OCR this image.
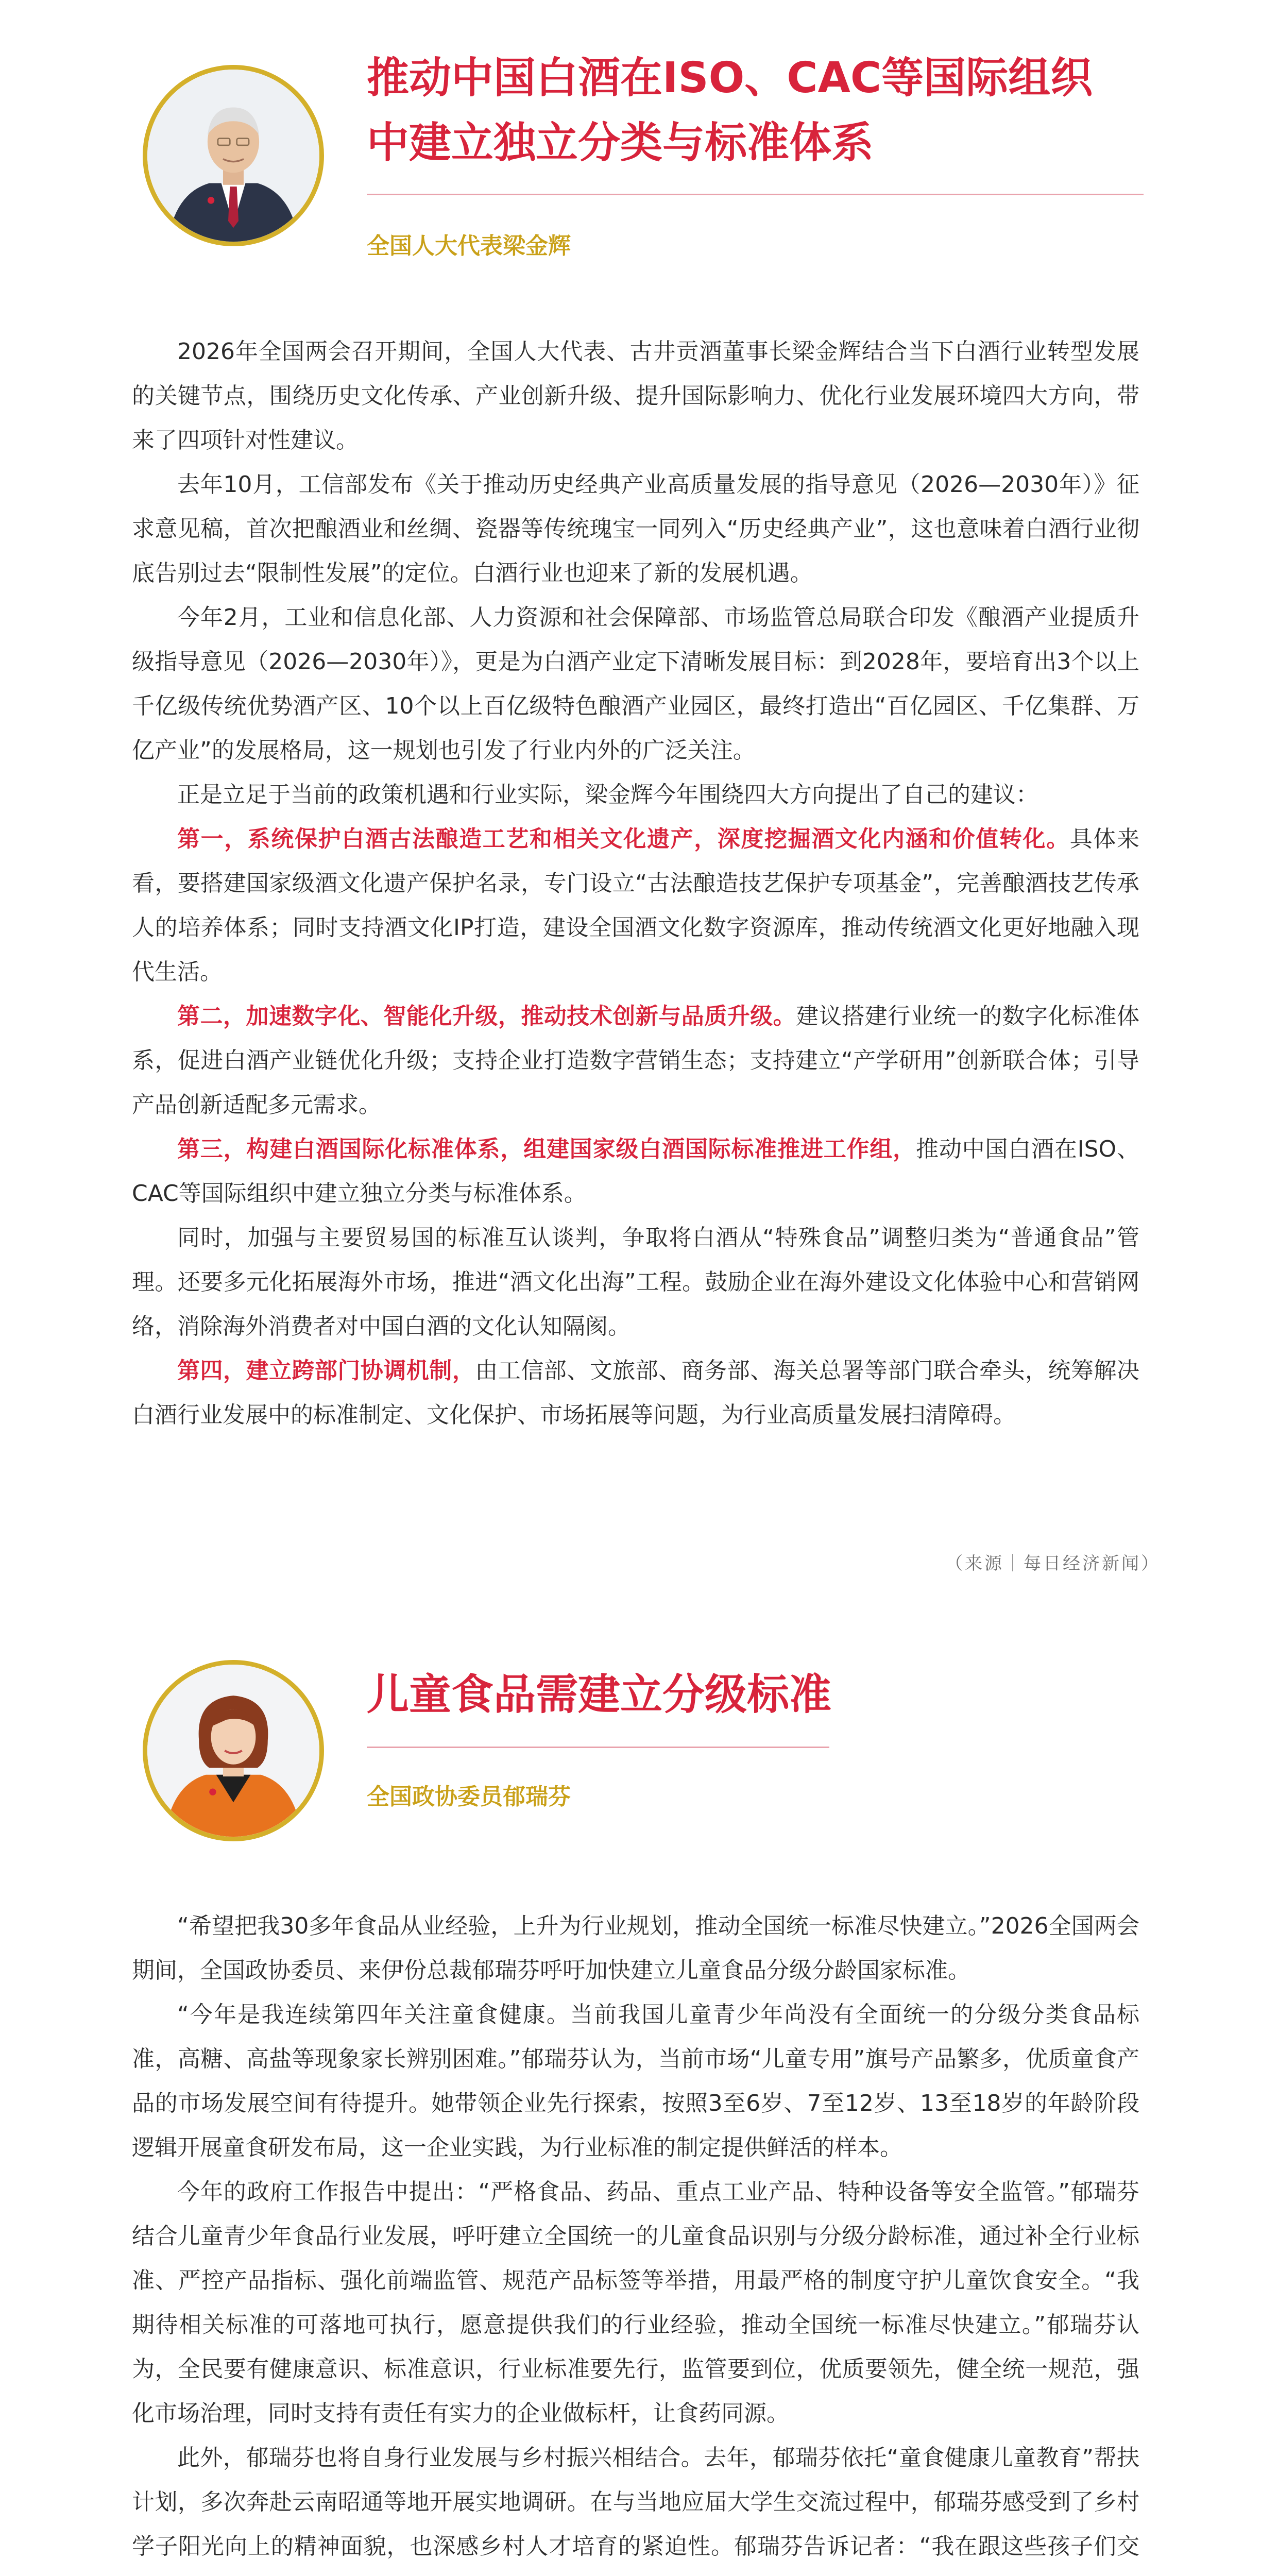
推动中国白酒在ISO、CAC等国际组织
中建立独立分类与标准体系
全国人大代表梁金辉

2026年全国两会召开期间，全国人大代表、古井贡酒董事长梁金辉结合当下白酒行业转型发展的关键节点，围绕历史文化传承、产业创新升级、提升国际影响力、优化行业发展环境四大方向，带来了四项针对性建议。

去年10月，工信部发布《关于推动历史经典产业高质量发展的指导意见（2026—2030年）》征求意见稿，首次把酿酒业和丝绸、瓷器等传统瑰宝一同列入“历史经典产业”，这也意味着白酒行业彻底告别过去“限制性发展”的定位。白酒行业也迎来了新的发展机遇。

今年2月，工业和信息化部、人力资源和社会保障部、市场监管总局联合印发《酿酒产业提质升级指导意见（2026—2030年）》，更是为白酒产业定下清晰发展目标：到2028年，要培育出3个以上千亿级传统优势酒产区、10个以上百亿级特色酿酒产业园区，最终打造出“百亿园区、千亿集群、万亿产业”的发展格局，这一规划也引发了行业内外的广泛关注。

正是立足于当前的政策机遇和行业实际，梁金辉今年围绕四大方向提出了自己的建议：

第一，系统保护白酒古法酿造工艺和相关文化遗产，深度挖掘酒文化内涵和价值转化。具体来看，要搭建国家级酒文化遗产保护名录，专门设立“古法酿造技艺保护专项基金”，完善酿酒技艺传承人的培养体系；同时支持酒文化IP打造，建设全国酒文化数字资源库，推动传统酒文化更好地融入现代生活。

第二，加速数字化、智能化升级，推动技术创新与品质升级。建议搭建行业统一的数字化标准体系，促进白酒产业链优化升级；支持企业打造数字营销生态；支持建立“产学研用”创新联合体；引导产品创新适配多元需求。

第三，构建白酒国际化标准体系，组建国家级白酒国际标准推进工作组，推动中国白酒在ISO、CAC等国际组织中建立独立分类与标准体系。

同时，加强与主要贸易国的标准互认谈判，争取将白酒从“特殊食品”调整归类为“普通食品”管理。还要多元化拓展海外市场，推进“酒文化出海”工程。鼓励企业在海外建设文化体验中心和营销网络，消除海外消费者对中国白酒的文化认知隔阂。

第四，建立跨部门协调机制，由工信部、文旅部、商务部、海关总署等部门联合牵头，统筹解决白酒行业发展中的标准制定、文化保护、市场拓展等问题，为行业高质量发展扫清障碍。

（来源｜每日经济新闻）
儿童食品需建立分级标准
全国政协委员郁瑞芬

“希望把我30多年食品从业经验，上升为行业规划，推动全国统一标准尽快建立。”2026全国两会期间，全国政协委员、来伊份总裁郁瑞芬呼吁加快建立儿童食品分级分龄国家标准。

“今年是我连续第四年关注童食健康。当前我国儿童青少年尚没有全面统一的分级分类食品标准，高糖、高盐等现象家长辨别困难。”郁瑞芬认为，当前市场“儿童专用”旗号产品繁多，优质童食产品的市场发展空间有待提升。她带领企业先行探索，按照3至6岁、7至12岁、13至18岁的年龄阶段逻辑开展童食研发布局，这一企业实践，为行业标准的制定提供鲜活的样本。

今年的政府工作报告中提出：“严格食品、药品、重点工业产品、特种设备等安全监管。”郁瑞芬结合儿童青少年食品行业发展，呼吁建立全国统一的儿童食品识别与分级分龄标准，通过补全行业标准、严控产品指标、强化前端监管、规范产品标签等举措，用最严格的制度守护儿童饮食安全。“我期待相关标准的可落地可执行，愿意提供我们的行业经验，推动全国统一标准尽快建立。”郁瑞芬认为，全民要有健康意识、标准意识，行业标准要先行，监管要到位，优质要领先，健全统一规范，强化市场治理，同时支持有责任有实力的企业做标杆，让食药同源。

此外，郁瑞芬也将自身行业发展与乡村振兴相结合。去年，郁瑞芬依托“童食健康儿童教育”帮扶计划，多次奔赴云南昭通等地开展实地调研。在与当地应届大学生交流过程中，郁瑞芬感受到了乡村学子阳光向上的精神面貌，也深感乡村人才培育的紧迫性。郁瑞芬告诉记者：“我在跟这些孩子们交
